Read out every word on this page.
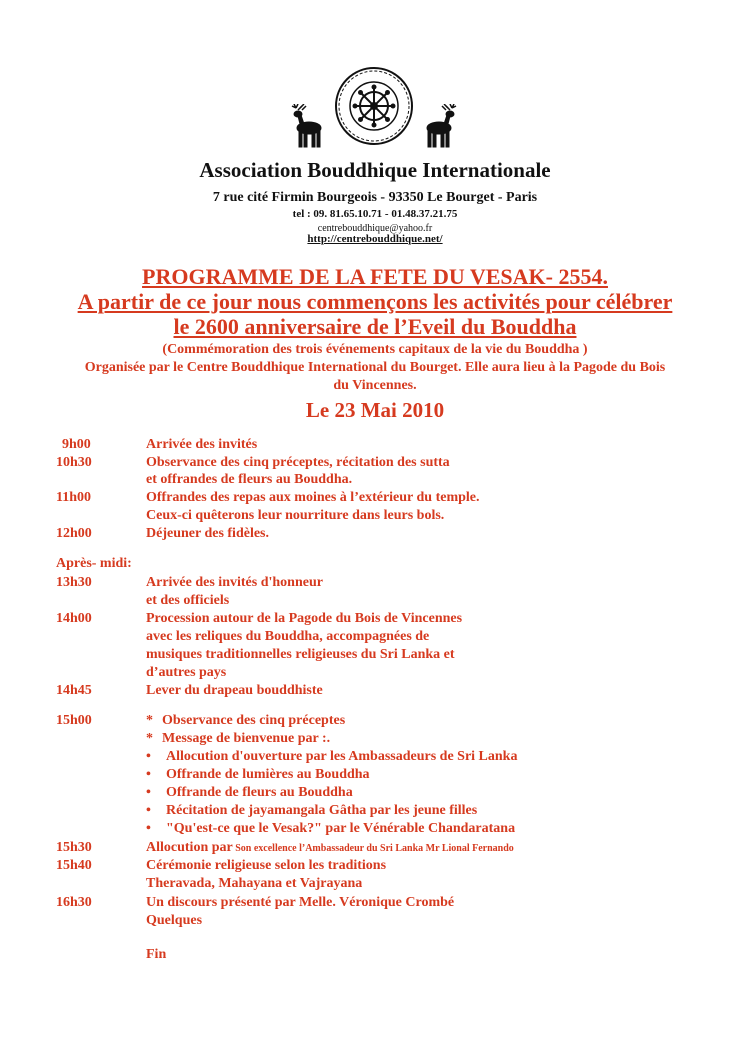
Association Bouddhique Internationale
7 rue cité Firmin Bourgeois - 93350 Le Bourget - Paris
tel : 09. 81.65.10.71 - 01.48.37.21.75
centrebouddhique@yahoo.fr
http://centrebouddhique.net/
PROGRAMME DE LA FETE DU VESAK- 2554.
A partir de ce jour nous commençons les activités pour célébrer
le 2600 anniversaire de l’Eveil du Bouddha
(Commémoration des trois événements capitaux de la vie du Bouddha )
Organisée par le Centre Bouddhique International du Bourget. Elle aura lieu à la Pagode du Bois
du Vincennes.
Le 23 Mai 2010
9h00	Arrivée des invités
10h30	Observance des cinq préceptes, récitation des sutta
et offrandes de fleurs au Bouddha.
11h00	Offrandes des repas aux moines à l’extérieur du temple.
Ceux-ci quêterons leur nourriture dans leurs bols.
12h00	Déjeuner des fidèles.
Après- midi:
13h30	Arrivée des invités d'honneur
et des officiels
14h00	Procession autour de la Pagode du Bois de Vincennes
avec les reliques du Bouddha, accompagnées de
musiques traditionnelles religieuses du Sri Lanka et
d’autres pays
14h45	Lever du drapeau bouddhiste
15h00	* Observance des cinq préceptes
* Message de bienvenue par :.
• Allocution d'ouverture par les Ambassadeurs de Sri Lanka
• Offrande de lumières au Bouddha
• Offrande de fleurs au Bouddha
• Récitation de jayamangala Gâtha par les jeune filles
• "Qu'est-ce que le Vesak?" par le Vénérable Chandaratana
15h30	Allocution par Son excellence l’Ambassadeur du Sri Lanka Mr Lional Fernando
15h40	Cérémonie religieuse selon les traditions
Theravada, Mahayana et Vajrayana
16h30	Un discours présenté par Melle. Véronique Crombé
Quelques
Fin
